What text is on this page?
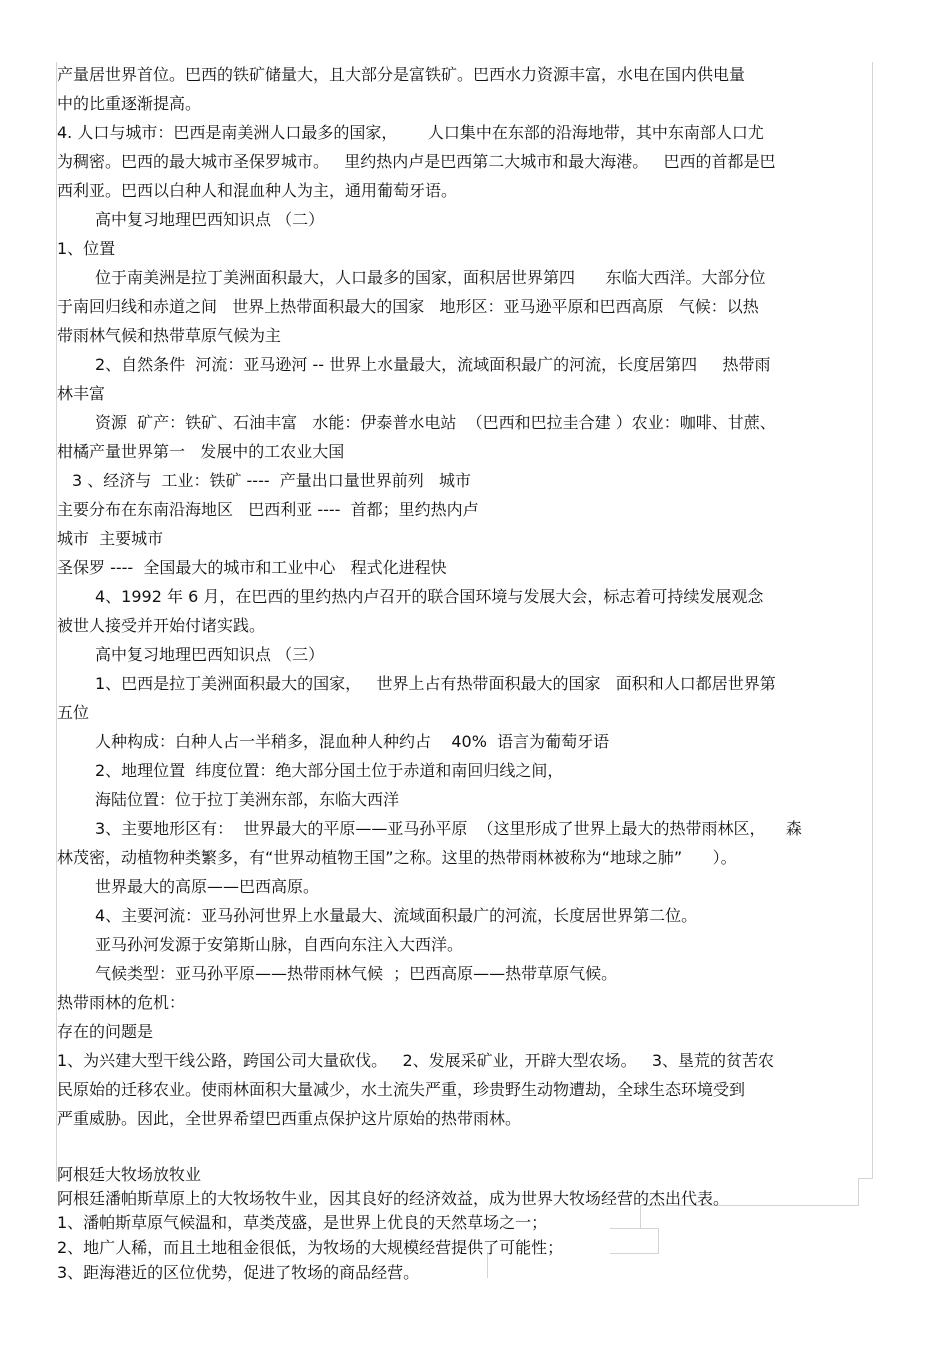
产量居世界首位。巴西的铁矿储量大，且大部分是富铁矿。巴西水力资源丰富，水电在国内供电量
中的比重逐渐提高。
4. 人口与城市：巴西是南美洲人口最多的国家，      人口集中在东部的沿海地带，其中东南部人口尤
为稠密。巴西的最大城市圣保罗城市。   里约热内卢是巴西第二大城市和最大海港。   巴西的首都是巴
西利亚。巴西以白种人和混血种人为主，通用葡萄牙语。
高中复习地理巴西知识点 （二）
1、位置
位于南美洲是拉丁美洲面积最大，人口最多的国家，面积居世界第四      东临大西洋。大部分位
于南回归线和赤道之间   世界上热带面积最大的国家   地形区：亚马逊平原和巴西高原   气候：以热
带雨林气候和热带草原气候为主
2、自然条件  河流：亚马逊河 -- 世界上水量最大，流域面积最广的河流，长度居第四     热带雨
林丰富
资源  矿产：铁矿、石油丰富   水能：伊泰普水电站  （巴西和巴拉圭合建 ）农业：咖啡、甘蔗、
柑橘产量世界第一   发展中的工农业大国
3 、经济与  工业：铁矿 ----  产量出口量世界前列   城市
主要分布在东南沿海地区   巴西利亚 ----  首都；里约热内卢
城市  主要城市
圣保罗 ----  全国最大的城市和工业中心   程式化进程快
4、1992 年 6 月，在巴西的里约热内卢召开的联合国环境与发展大会，标志着可持续发展观念
被世人接受并开始付诸实践。
高中复习地理巴西知识点 （三）
1、巴西是拉丁美洲面积最大的国家，   世界上占有热带面积最大的国家   面积和人口都居世界第
五位
人种构成：白种人占一半稍多，混血种人种约占    40%  语言为葡萄牙语
2、地理位置  纬度位置：绝大部分国土位于赤道和南回归线之间，
海陆位置：位于拉丁美洲东部，东临大西洋
3、主要地形区有：  世界最大的平原——亚马孙平原  （这里形成了世界上最大的热带雨林区，    森
林茂密，动植物种类繁多，有“世界动植物王国”之称。这里的热带雨林被称为“地球之肺”      ）。
世界最大的高原——巴西高原。
4、主要河流：亚马孙河世界上水量最大、流域面积最广的河流，长度居世界第二位。
亚马孙河发源于安第斯山脉，自西向东注入大西洋。
气候类型：亚马孙平原——热带雨林气候  ；巴西高原——热带草原气候。
热带雨林的危机：
存在的问题是
1、为兴建大型干线公路，跨国公司大量砍伐。   2、发展采矿业，开辟大型农场。   3、垦荒的贫苦农
民原始的迁移农业。使雨林面积大量减少，水土流失严重，珍贵野生动物遭劫，全球生态环境受到
严重威胁。因此，全世界希望巴西重点保护这片原始的热带雨林。
阿根廷大牧场放牧业
阿根廷潘帕斯草原上的大牧场牧牛业，因其良好的经济效益，成为世界大牧场经营的杰出代表。
1、潘帕斯草原气候温和，草类茂盛，是世界上优良的天然草场之一；
2、地广人稀，而且土地租金很低，为牧场的大规模经营提供了可能性；
3、距海港近的区位优势，促进了牧场的商品经营。
